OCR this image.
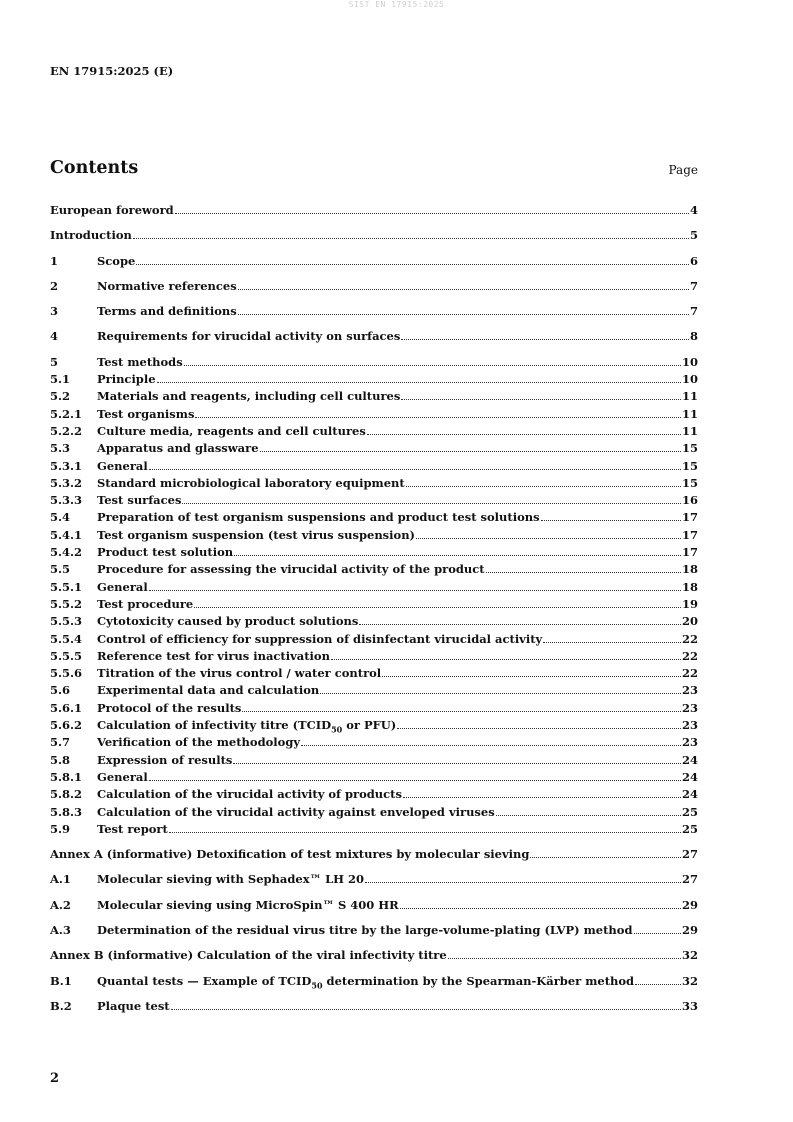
SIST EN 17915:2025
EN 17915:2025 (E)
Contents	Page
European foreword	4
Introduction	5
1	Scope	6
2	Normative references	7
3	Terms and definitions	7
4	Requirements for virucidal activity on surfaces	8
5	Test methods	10
5.1	Principle	10
5.2	Materials and reagents, including cell cultures	11
5.2.1	Test organisms	11
5.2.2	Culture media, reagents and cell cultures	11
5.3	Apparatus and glassware	15
5.3.1	General	15
5.3.2	Standard microbiological laboratory equipment	15
5.3.3	Test surfaces	16
5.4	Preparation of test organism suspensions and product test solutions	17
5.4.1	Test organism suspension (test virus suspension)	17
5.4.2	Product test solution	17
5.5	Procedure for assessing the virucidal activity of the product	18
5.5.1	General	18
5.5.2	Test procedure	19
5.5.3	Cytotoxicity caused by product solutions	20
5.5.4	Control of efficiency for suppression of disinfectant virucidal activity	22
5.5.5	Reference test for virus inactivation	22
5.5.6	Titration of the virus control / water control	22
5.6	Experimental data and calculation	23
5.6.1	Protocol of the results	23
5.6.2	Calculation of infectivity titre ($TCID_{50}$ or PFU)	23
5.7	Verification of the methodology	23
5.8	Expression of results	24
5.8.1	General	24
5.8.2	Calculation of the virucidal activity of products	24
5.8.3	Calculation of the virucidal activity against enveloped viruses	25
5.9	Test report	25
Annex A (informative) Detoxification of test mixtures by molecular sieving	27
A.1	Molecular sieving with Sephadex™ LH 20	27
A.2	Molecular sieving using MicroSpin™ S 400 HR	29
A.3	Determination of the residual virus titre by the large-volume-plating (LVP) method	29
Annex B (informative) Calculation of the viral infectivity titre	32
B.1	Quantal tests — Example of $TCID_{50}$ determination by the Spearman-Kärber method	32
B.2	Plaque test	33
2
